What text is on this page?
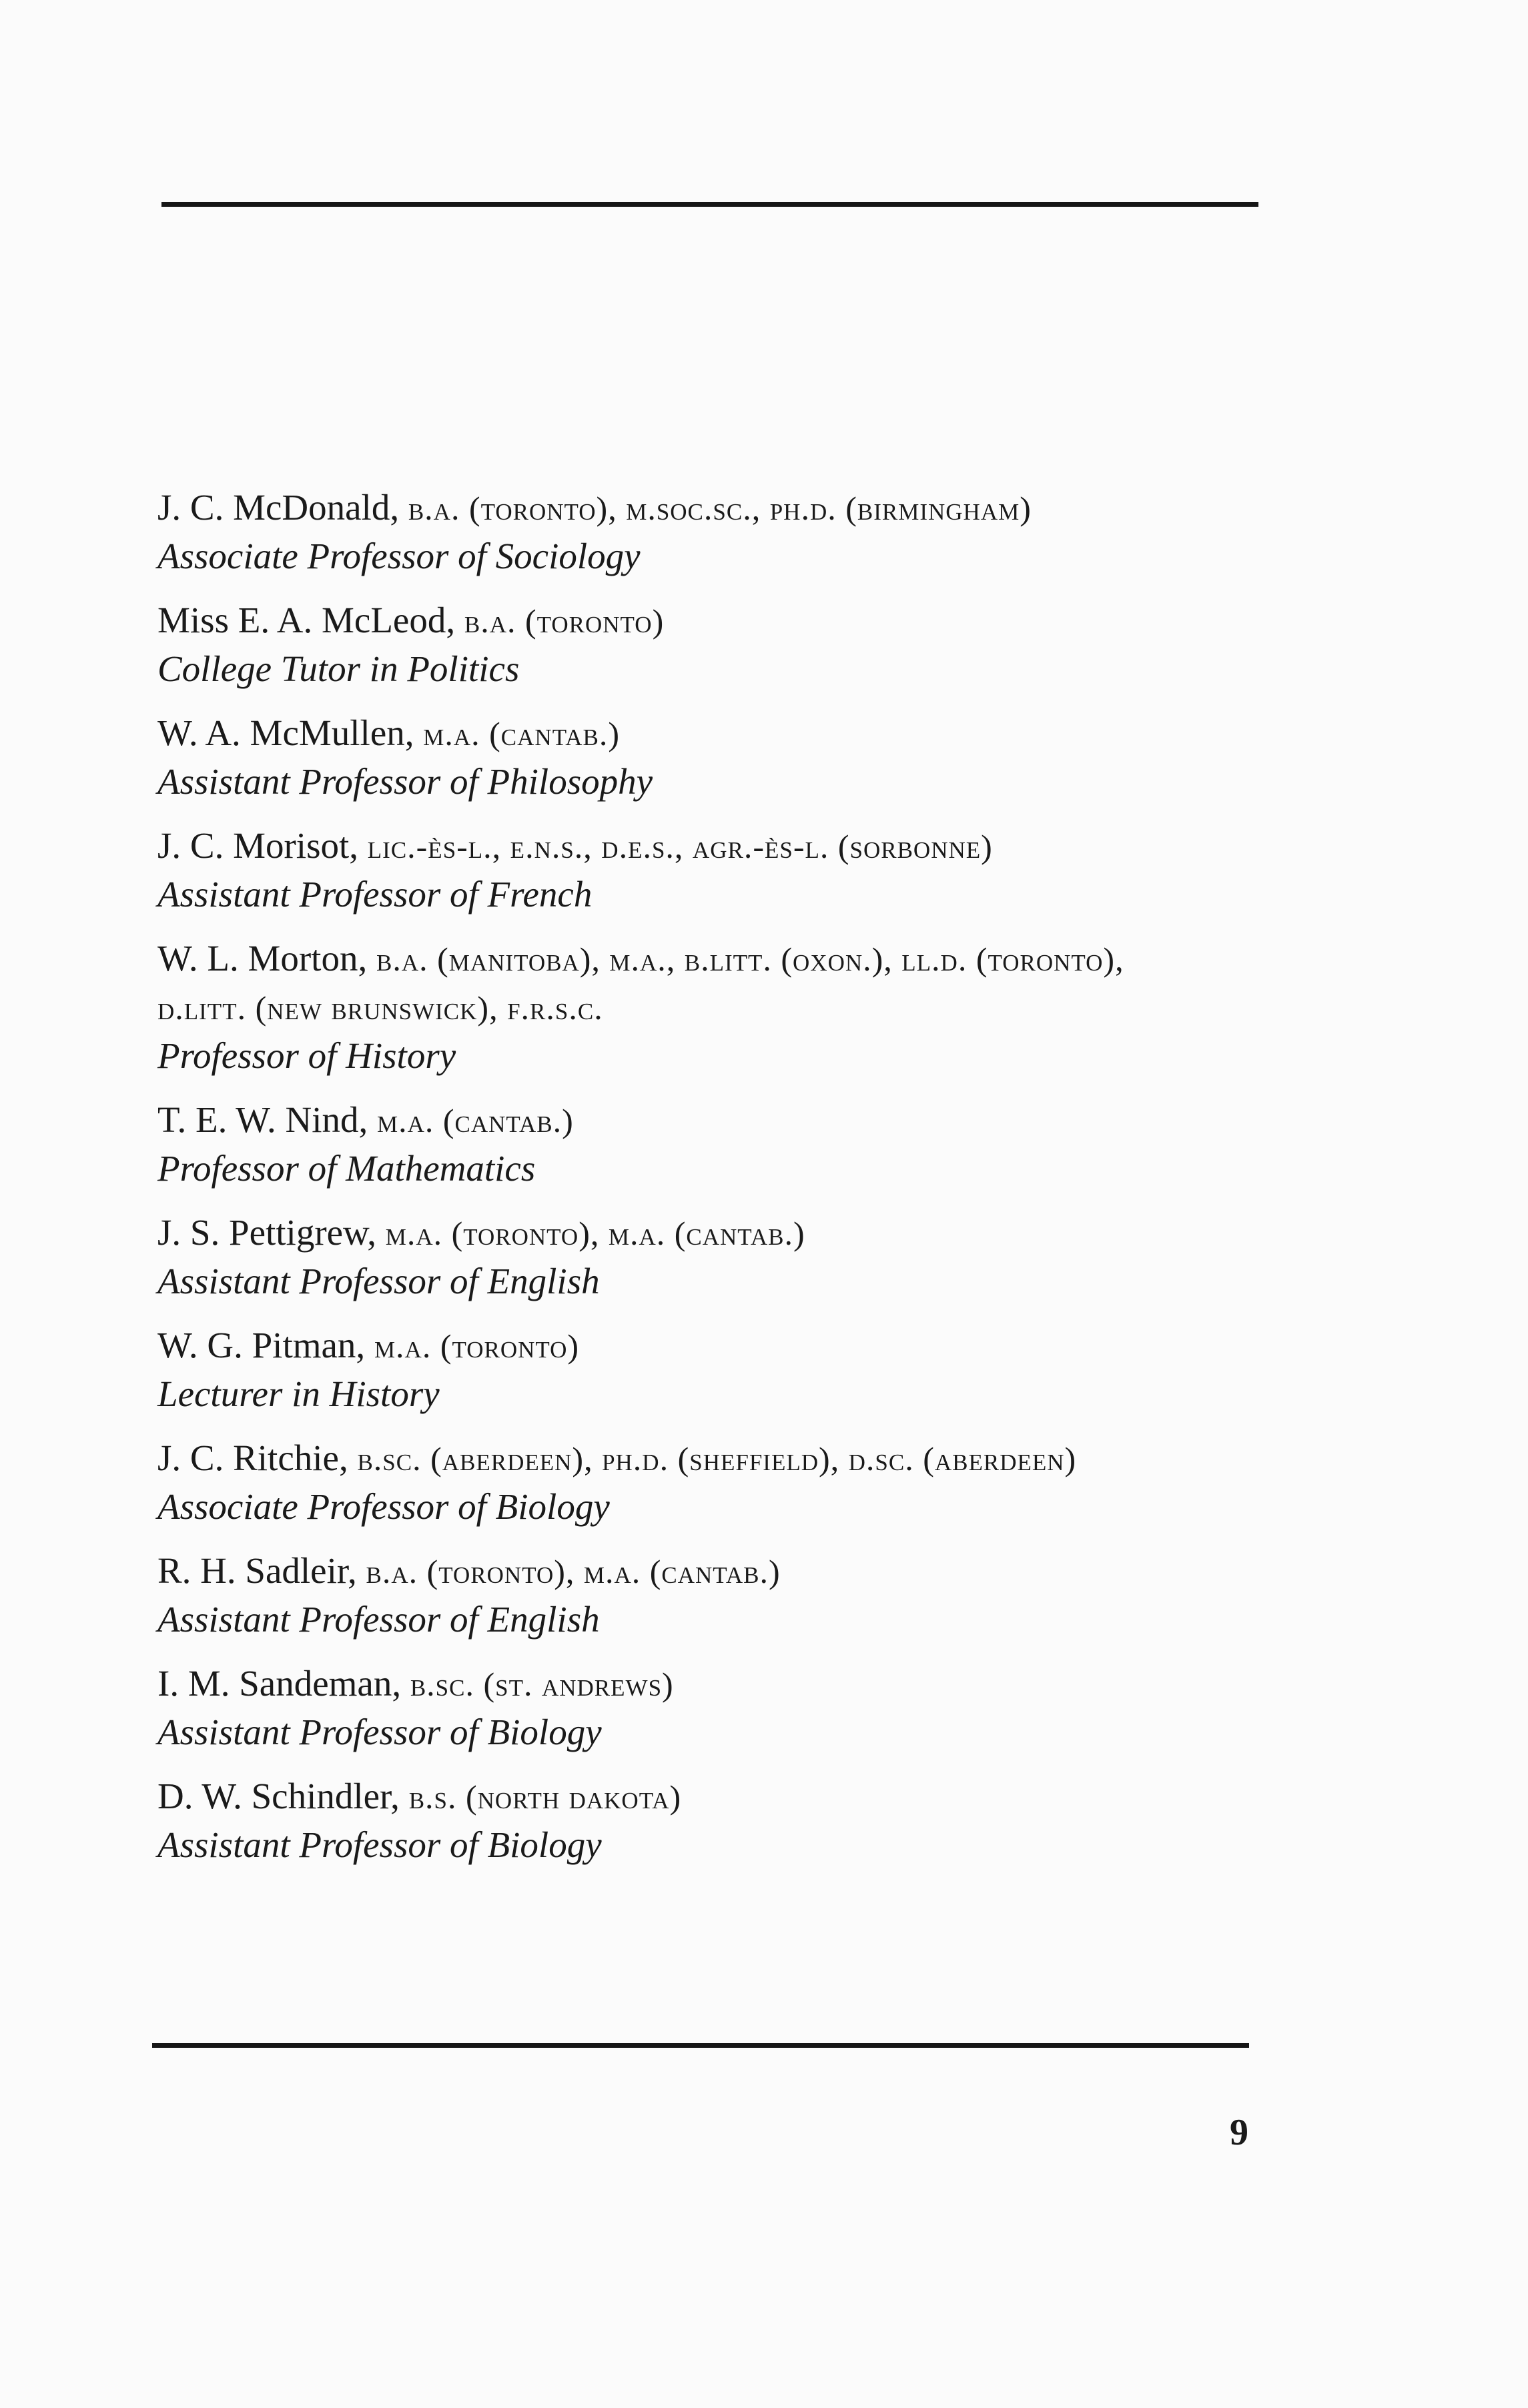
J. C. McDonald, b.a. (toronto), m.soc.sc., ph.d. (birmingham)
Associate Professor of Sociology
Miss E. A. McLeod, b.a. (toronto)
College Tutor in Politics
W. A. McMullen, m.a. (cantab.)
Assistant Professor of Philosophy
J. C. Morisot, lic.-ès-l., e.n.s., d.e.s., agr.-ès-l. (sorbonne)
Assistant Professor of French
W. L. Morton, b.a. (manitoba), m.a., b.litt. (oxon.), ll.d. (toronto),
d.litt. (new brunswick), f.r.s.c.
Professor of History
T. E. W. Nind, m.a. (cantab.)
Professor of Mathematics
J. S. Pettigrew, m.a. (toronto), m.a. (cantab.)
Assistant Professor of English
W. G. Pitman, m.a. (toronto)
Lecturer in History
J. C. Ritchie, b.sc. (aberdeen), ph.d. (sheffield), d.sc. (aberdeen)
Associate Professor of Biology
R. H. Sadleir, b.a. (toronto), m.a. (cantab.)
Assistant Professor of English
I. M. Sandeman, b.sc. (st. andrews)
Assistant Professor of Biology
D. W. Schindler, b.s. (north dakota)
Assistant Professor of Biology
9
